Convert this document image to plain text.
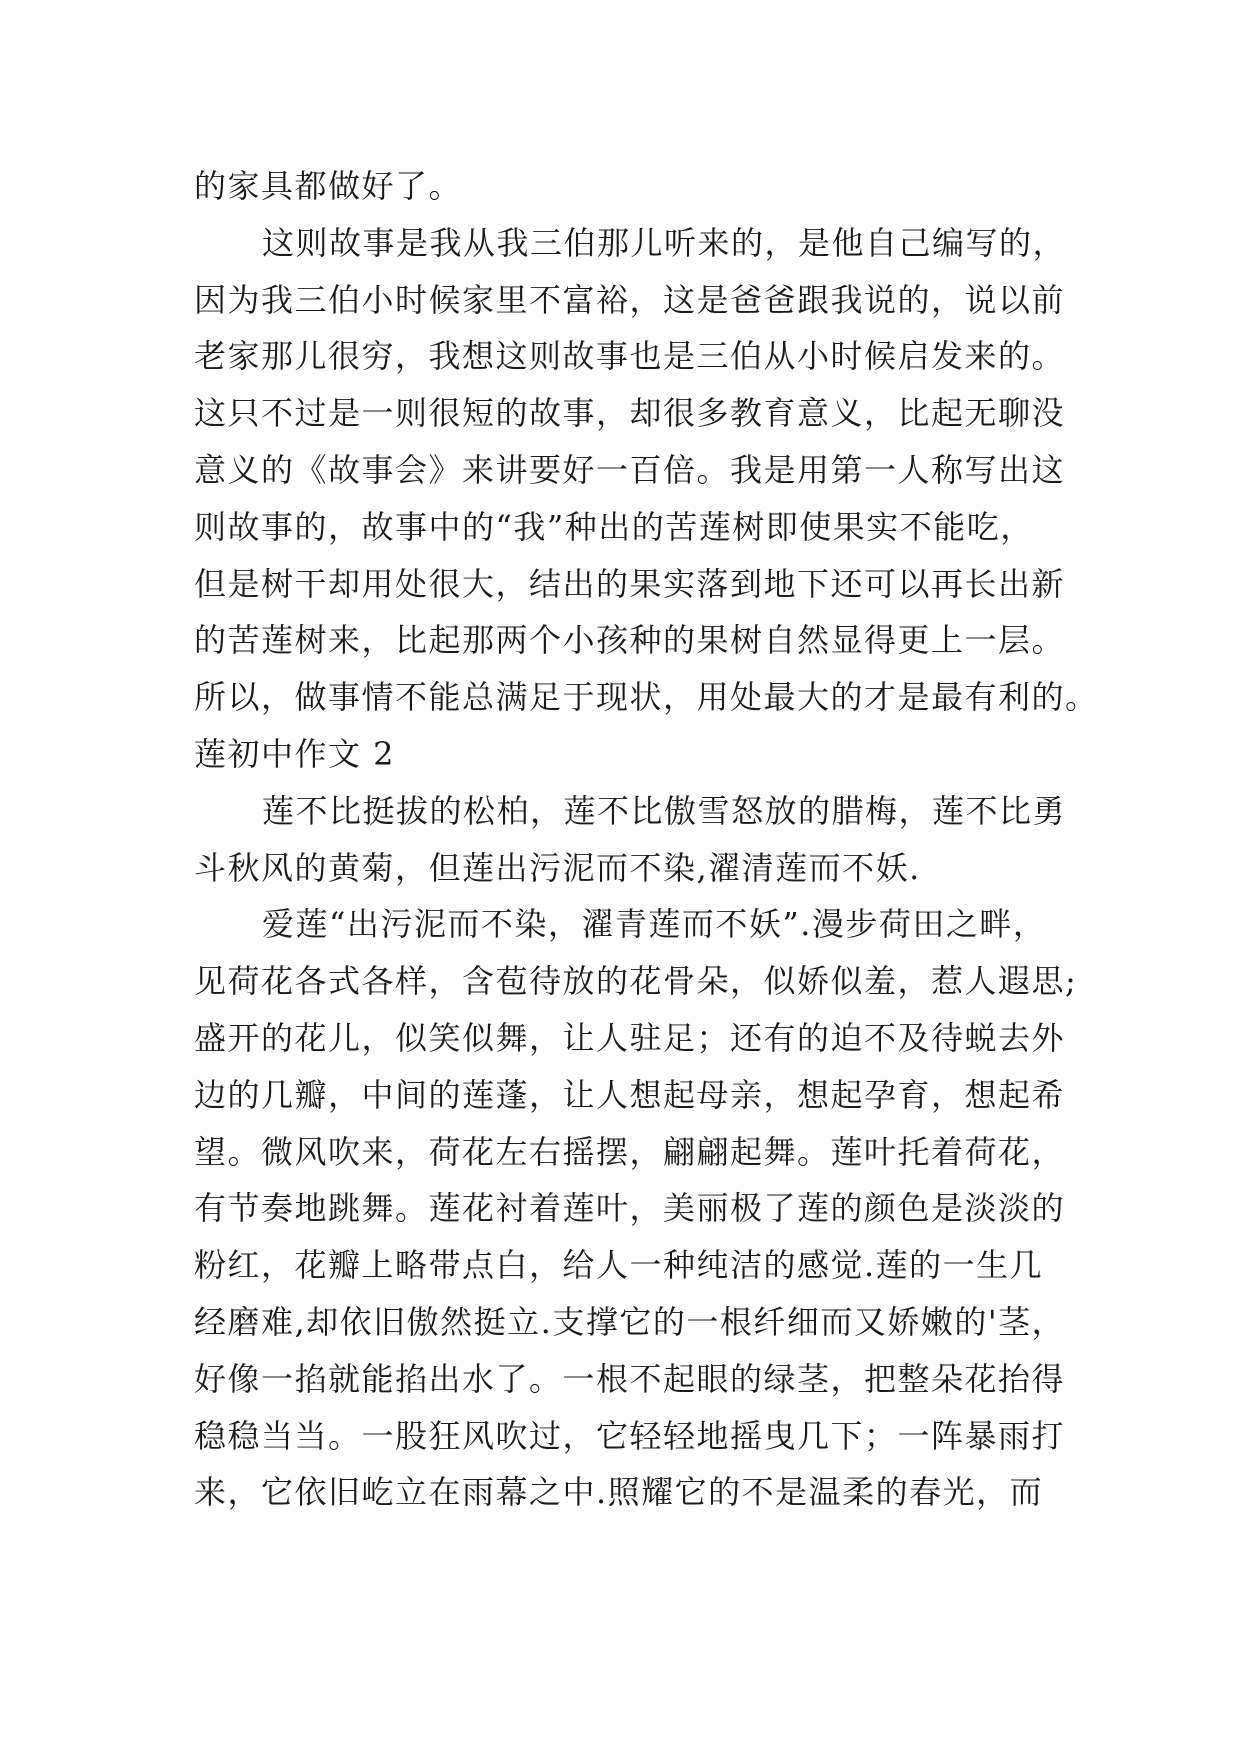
的家具都做好了。
这则故事是我从我三伯那儿听来的，是他自己编写的，
因为我三伯小时候家里不富裕，这是爸爸跟我说的，说以前
老家那儿很穷，我想这则故事也是三伯从小时候启发来的。
这只不过是一则很短的故事，却很多教育意义，比起无聊没
意义的《故事会》来讲要好一百倍。我是用第一人称写出这
则故事的，故事中的“我”种出的苦莲树即使果实不能吃，
但是树干却用处很大，结出的果实落到地下还可以再长出新
的苦莲树来，比起那两个小孩种的果树自然显得更上一层。
所以，做事情不能总满足于现状，用处最大的才是最有利的。
莲初中作文 2
莲不比挺拔的松柏，莲不比傲雪怒放的腊梅，莲不比勇
斗秋风的黄菊，但莲出污泥而不染,濯清莲而不妖.
爱莲“出污泥而不染，濯青莲而不妖”.漫步荷田之畔，
见荷花各式各样，含苞待放的花骨朵，似娇似羞，惹人遐思;
盛开的花儿，似笑似舞，让人驻足；还有的迫不及待蜕去外
边的几瓣，中间的莲蓬，让人想起母亲，想起孕育，想起希
望。微风吹来，荷花左右摇摆，翩翩起舞。莲叶托着荷花，
有节奏地跳舞。莲花衬着莲叶，美丽极了莲的颜色是淡淡的
粉红，花瓣上略带点白，给人一种纯洁的感觉.莲的一生几
经磨难,却依旧傲然挺立.支撑它的一根纤细而又娇嫩的'茎，
好像一掐就能掐出水了。一根不起眼的绿茎，把整朵花抬得
稳稳当当。一股狂风吹过，它轻轻地摇曳几下；一阵暴雨打
来，它依旧屹立在雨幕之中.照耀它的不是温柔的春光，而
